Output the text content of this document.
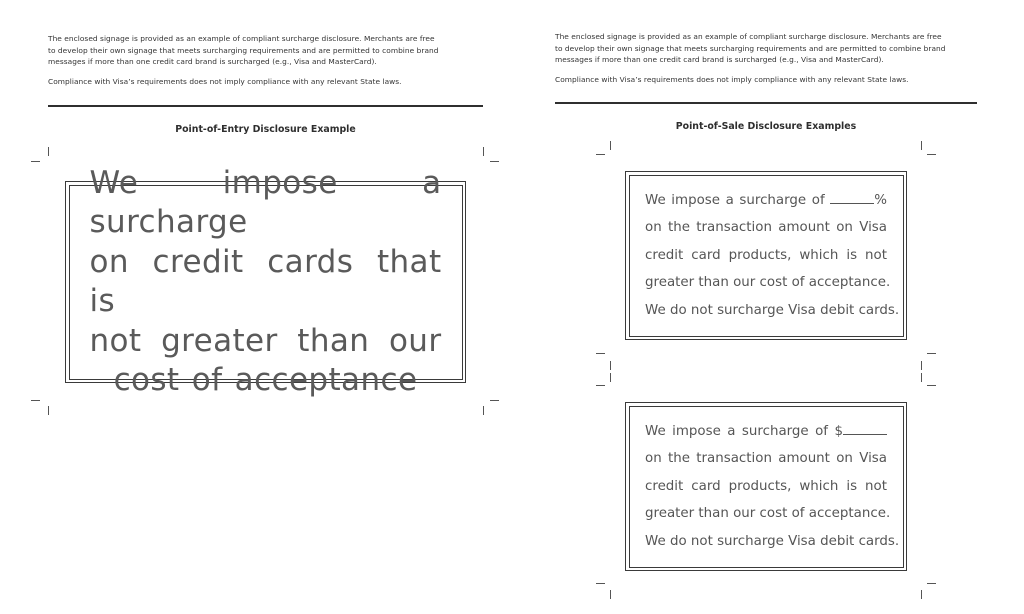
The enclosed signage is provided as an example of compliant surcharge disclosure. Merchants are free

to develop their own signage that meets surcharging requirements and are permitted to combine brand

messages if more than one credit card brand is surcharged (e.g., Visa and MasterCard).

Compliance with Visa’s requirements does not imply compliance with any relevant State laws.

Point-of-Entry Disclosure Example
We impose a surcharge
on credit cards that is
not greater than our
cost of acceptance

The enclosed signage is provided as an example of compliant surcharge disclosure. Merchants are free

to develop their own signage that meets surcharging requirements and are permitted to combine brand

messages if more than one credit card brand is surcharged (e.g., Visa and MasterCard).

Compliance with Visa’s requirements does not imply compliance with any relevant State laws.

Point-of-Sale Disclosure Examples
We impose a surcharge of	%
on the transaction amount on Visa
credit card products, which is not
greater than our cost of acceptance.
We do not surcharge Visa debit cards.
We impose a surcharge of $
on the transaction amount on Visa
credit card products, which is not
greater than our cost of acceptance.
We do not surcharge Visa debit cards.
